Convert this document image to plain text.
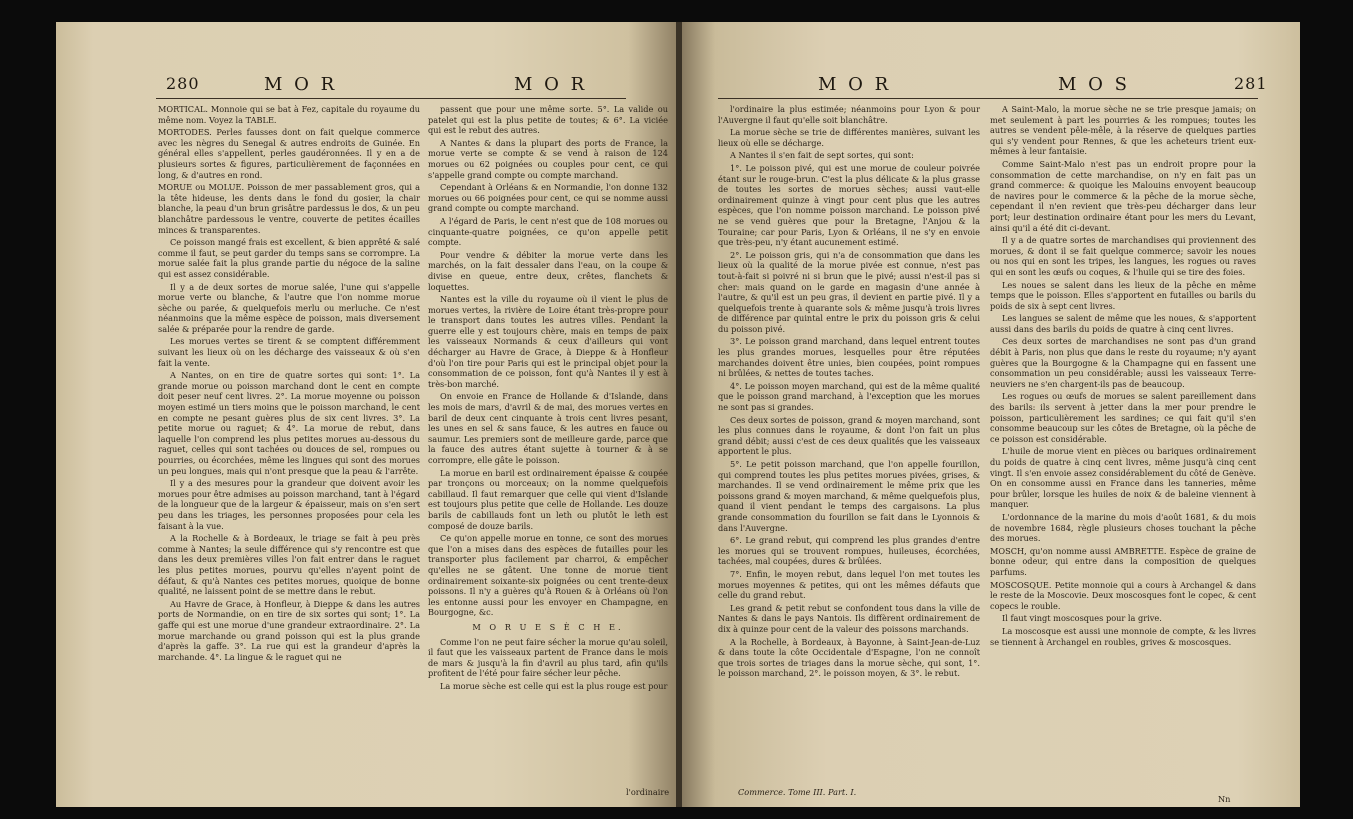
280	M O R	M O R

MORTICAL. Monnoie qui se bat à Fez, capitale du royaume du même nom. Voyez la TABLE.

MORTODES. Perles fausses dont on fait quelque commerce avec les nègres du Senegal & autres endroits de Guinée. En général elles s'appellent, perles gaudéronnées. Il y en a de plusieurs sortes & figures, particulièrement de façonnées en long, & d'autres en rond.

MORUE ou MOLUE. Poisson de mer passablement gros, qui a la tête hideuse, les dents dans le fond du gosier, la chair blanche, la peau d'un brun grisâtre pardessus le dos, & un peu blanchâtre pardessous le ventre, couverte de petites écailles minces & transparentes.

Ce poisson mangé frais est excellent, & bien apprêté & salé comme il faut, se peut garder du temps sans se corrompre. La morue salée fait la plus grande partie du négoce de la saline qui est assez considérable.

Il y a de deux sortes de morue salée, l'une qui s'appelle morue verte ou blanche, & l'autre que l'on nomme morue sèche ou parée, & quelquefois merlu ou merluche. Ce n'est néanmoins que la même espèce de poisson, mais diversement salée & préparée pour la rendre de garde.

Les morues vertes se tirent & se comptent différemment suivant les lieux où on les décharge des vaisseaux & où s'en fait la vente.

A Nantes, on en tire de quatre sortes qui sont: 1°. La grande morue ou poisson marchand dont le cent en compte doit peser neuf cent livres. 2°. La morue moyenne ou poisson moyen estimé un tiers moins que le poisson marchand, le cent en compte ne pesant guères plus de six cent livres. 3°. La petite morue ou raguet; & 4°. La morue de rebut, dans laquelle l'on comprend les plus petites morues au-dessous du raguet, celles qui sont tachées ou douces de sel, rompues ou pourries, ou écorchées, même les lingues qui sont des morues un peu longues, mais qui n'ont presque que la peau & l'arrête.

Il y a des mesures pour la grandeur que doivent avoir les morues pour être admises au poisson marchand, tant à l'égard de la longueur que de la largeur & épaisseur, mais on s'en sert peu dans les triages, les personnes proposées pour cela les faisant à la vue.

A la Rochelle & à Bordeaux, le triage se fait à peu près comme à Nantes; la seule différence qui s'y rencontre est que dans les deux premières villes l'on fait entrer dans le raguet les plus petites morues, pourvu qu'elles n'ayent point de défaut, & qu'à Nantes ces petites morues, quoique de bonne qualité, ne laissent point de se mettre dans le rebut.

Au Havre de Grace, à Honfleur, à Dieppe & dans les autres ports de Normandie, on en tire de six sortes qui sont; 1°. La gaffe qui est une morue d'une grandeur extraordinaire. 2°. La morue marchande ou grand poisson qui est la plus grande d'après la gaffe. 3°. La rue qui est la grandeur d'après la marchande. 4°. La lingue & le raguet qui ne

passent que pour une même sorte. 5°. La valide ou patelet qui est la plus petite de toutes; & 6°. La viciée qui est le rebut des autres.

A Nantes & dans la plupart des ports de France, la morue verte se compte & se vend à raison de 124 morues ou 62 poignées ou couples pour cent, ce qui s'appelle grand compte ou compte marchand.

Cependant à Orléans & en Normandie, l'on donne 132 morues ou 66 poignées pour cent, ce qui se nomme aussi grand compte ou compte marchand.

A l'égard de Paris, le cent n'est que de 108 morues ou cinquante-quatre poignées, ce qu'on appelle petit compte.

Pour vendre & débiter la morue verte dans les marchés, on la fait dessaler dans l'eau, on la coupe & divise en queue, entre deux, crêtes, flanchets & loquettes.

Nantes est la ville du royaume où il vient le plus de morues vertes, la rivière de Loire étant très-propre pour le transport dans toutes les autres villes. Pendant la guerre elle y est toujours chère, mais en temps de paix les vaisseaux Normands & ceux d'ailleurs qui vont décharger au Havre de Grace, à Dieppe & à Honfleur d'où l'on tire pour Paris qui est le principal objet pour la consommation de ce poisson, font qu'à Nantes il y est à très-bon marché.

On envoie en France de Hollande & d'Islande, dans les mois de mars, d'avril & de mai, des morues vertes en baril de deux cent cinquante à trois cent livres pesant, les unes en sel & sans fauce, & les autres en fauce ou saumur. Les premiers sont de meilleure garde, parce que la fauce des autres étant sujette à tourner & à se corrompre, elle gâte le poisson.

La morue en baril est ordinairement épaisse & coupée par tronçons ou morceaux; on la nomme quelquefois cabillaud. Il faut remarquer que celle qui vient d'Islande est toujours plus petite que celle de Hollande. Les douze barils de cabillauds font un leth ou plutôt le leth est composé de douze barils.

Ce qu'on appelle morue en tonne, ce sont des morues que l'on a mises dans des espèces de futailles pour les transporter plus facilement par charroi, & empêcher qu'elles ne se gâtent. Une tonne de morue tient ordinairement soixante-six poignées ou cent trente-deux poissons. Il n'y a guères qu'à Rouen & à Orléans où l'on les entonne aussi pour les envoyer en Champagne, en Bourgogne, &c.

M O R U E S È C H E.

Comme l'on ne peut faire sécher la morue qu'au soleil, il faut que les vaisseaux partent de France dans le mois de mars & jusqu'à la fin d'avril au plus tard, afin qu'ils profitent de l'été pour faire sécher leur pêche.

La morue sèche est celle qui est la plus rouge est pour

l'ordinaire
M O R	M O S	281

l'ordinaire la plus estimée; néanmoins pour Lyon & pour l'Auvergne il faut qu'elle soit blanchâtre.

La morue sèche se trie de différentes manières, suivant les lieux où elle se décharge.

A Nantes il s'en fait de sept sortes, qui sont:

1°. Le poisson pivé, qui est une morue de couleur poivrée étant sur le rouge-brun. C'est la plus délicate & la plus grasse de toutes les sortes de morues sèches; aussi vaut-elle ordinairement quinze à vingt pour cent plus que les autres espèces, que l'on nomme poisson marchand. Le poisson pivé ne se vend guères que pour la Bretagne, l'Anjou & la Touraine; car pour Paris, Lyon & Orléans, il ne s'y en envoie que très-peu, n'y étant aucunement estimé.

2°. Le poisson gris, qui n'a de consommation que dans les lieux où la qualité de la morue pivée est connue, n'est pas tout-à-fait si poivré ni si brun que le pivé; aussi n'est-il pas si cher: mais quand on le garde en magasin d'une année à l'autre, & qu'il est un peu gras, il devient en partie pivé. Il y a quelquefois trente à quarante sols & même jusqu'à trois livres de différence par quintal entre le prix du poisson gris & celui du poisson pivé.

3°. Le poisson grand marchand, dans lequel entrent toutes les plus grandes morues, lesquelles pour être réputées marchandes doivent être unies, bien coupées, point rompues ni brûlées, & nettes de toutes taches.

4°. Le poisson moyen marchand, qui est de la même qualité que le poisson grand marchand, à l'exception que les morues ne sont pas si grandes.

Ces deux sortes de poisson, grand & moyen marchand, sont les plus connues dans le royaume, & dont l'on fait un plus grand débit; aussi c'est de ces deux qualités que les vaisseaux apportent le plus.

5°. Le petit poisson marchand, que l'on appelle fourillon, qui comprend toutes les plus petites morues pivées, grises, & marchandes. Il se vend ordinairement le même prix que les poissons grand & moyen marchand, & même quelquefois plus, quand il vient pendant le temps des cargaisons. La plus grande consommation du fourillon se fait dans le Lyonnois & dans l'Auvergne.

6°. Le grand rebut, qui comprend les plus grandes d'entre les morues qui se trouvent rompues, huileuses, écorchées, tachées, mal coupées, dures & brûlées.

7°. Enfin, le moyen rebut, dans lequel l'on met toutes les morues moyennes & petites, qui ont les mêmes défauts que celle du grand rebut.

Les grand & petit rebut se confondent tous dans la ville de Nantes & dans le pays Nantois. Ils diffèrent ordinairement de dix à quinze pour cent de la valeur des poissons marchands.

A la Rochelle, à Bordeaux, à Bayonne, à Saint-Jean-de-Luz & dans toute la côte Occidentale d'Espagne, l'on ne connoît que trois sortes de triages dans la morue sèche, qui sont, 1°. le poisson marchand, 2°. le poisson moyen, & 3°. le rebut.

A Saint-Malo, la morue sèche ne se trie presque jamais; on met seulement à part les pourries & les rompues; toutes les autres se vendent pêle-mêle, à la réserve de quelques parties qui s'y vendent pour Rennes, & que les acheteurs trient eux-mêmes à leur fantaisie.

Comme Saint-Malo n'est pas un endroit propre pour la consommation de cette marchandise, on n'y en fait pas un grand commerce: & quoique les Malouins envoyent beaucoup de navires pour le commerce & la pêche de la morue sèche, cependant il n'en revient que très-peu décharger dans leur port; leur destination ordinaire étant pour les mers du Levant, ainsi qu'il a été dit ci-devant.

Il y a de quatre sortes de marchandises qui proviennent des morues, & dont il se fait quelque commerce; savoir les noues ou nos qui en sont les tripes, les langues, les rogues ou raves qui en sont les œufs ou coques, & l'huile qui se tire des foies.

Les noues se salent dans les lieux de la pêche en même temps que le poisson. Elles s'apportent en futailles ou barils du poids de six à sept cent livres.

Les langues se salent de même que les noues, & s'apportent aussi dans des barils du poids de quatre à cinq cent livres.

Ces deux sortes de marchandises ne sont pas d'un grand débit à Paris, non plus que dans le reste du royaume; n'y ayant guères que la Bourgogne & la Champagne qui en fassent une consommation un peu considérable; aussi les vaisseaux Terre-neuviers ne s'en chargent-ils pas de beaucoup.

Les rogues ou œufs de morues se salent pareillement dans des barils: ils servent à jetter dans la mer pour prendre le poisson, particulièrement les sardines; ce qui fait qu'il s'en consomme beaucoup sur les côtes de Bretagne, où la pêche de ce poisson est considérable.

L'huile de morue vient en pièces ou bariques ordinairement du poids de quatre à cinq cent livres, même jusqu'à cinq cent vingt. Il s'en envoie assez considérablement du côté de Genève. On en consomme aussi en France dans les tanneries, même pour brûler, lorsque les huiles de noix & de baleine viennent à manquer.

L'ordonnance de la marine du mois d'août 1681, & du mois de novembre 1684, règle plusieurs choses touchant la pêche des morues.

MOSCH, qu'on nomme aussi AMBRETTE. Espèce de graine de bonne odeur, qui entre dans la composition de quelques parfums.

MOSCOSQUE. Petite monnoie qui a cours à Archangel & dans le reste de la Moscovie. Deux moscosques font le copec, & cent copecs le rouble.

Il faut vingt moscosques pour la grive.

La moscosque est aussi une monnoie de compte, & les livres se tiennent à Archangel en roubles, grives & moscosques.

Commerce. Tome III. Part. I.
Nn
